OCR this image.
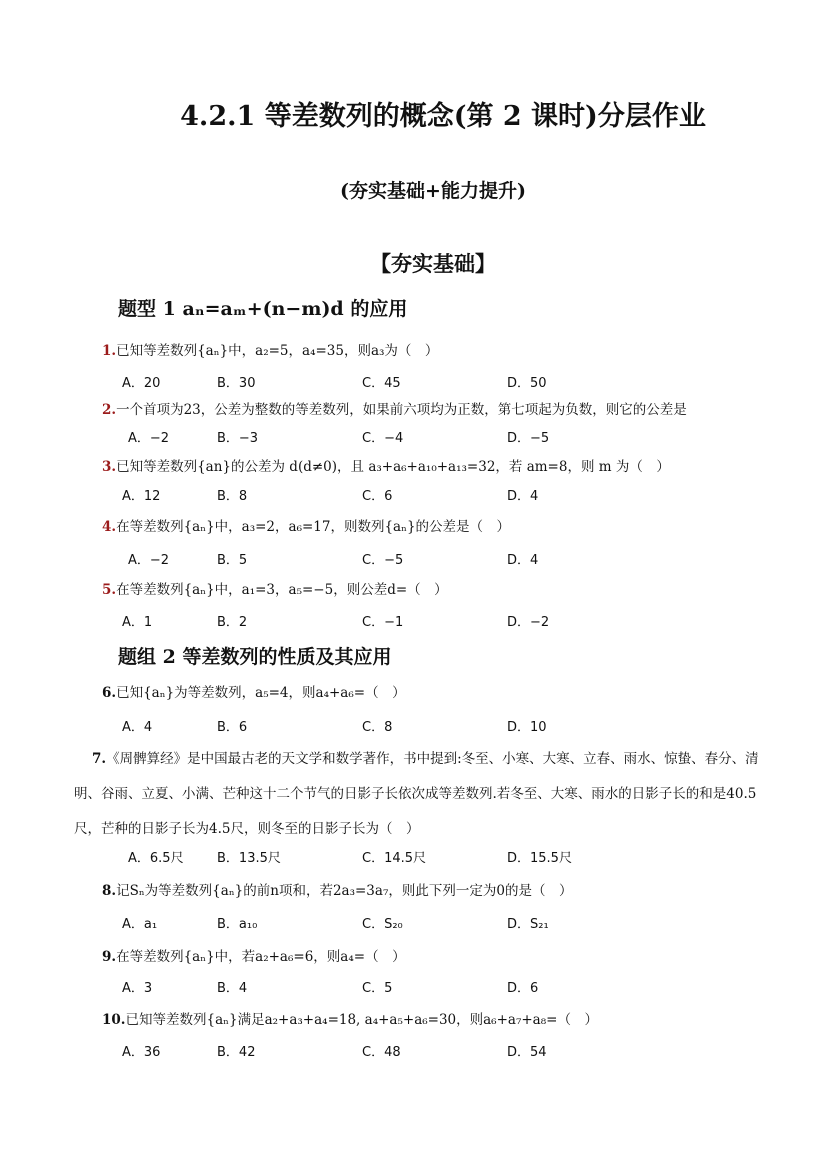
4.2.1 等差数列的概念(第 2 课时)分层作业
(夯实基础+能力提升)
【夯实基础】
题型 1 aₙ=aₘ+(n−m)d 的应用
1.已知等差数列{aₙ}中，a₂=5，a₄=35，则a₃为（　）
A．20	B．30	C．45	D．50
2.一个首项为23，公差为整数的等差数列，如果前六项均为正数，第七项起为负数，则它的公差是
A．−2	B．−3	C．−4	D．−5
3.已知等差数列{an}的公差为 d(d≠0)，且 a₃+a₆+a₁₀+a₁₃=32，若 am=8，则 m 为（　）
A．12	B．8	C．6	D．4
4.在等差数列{aₙ}中，a₃=2，a₆=17，则数列{aₙ}的公差是（　）
A．−2	B．5	C．−5	D．4
5.在等差数列{aₙ}中，a₁=3，a₅=−5，则公差d=（　）
A．1	B．2	C．−1	D．−2
题组 2 等差数列的性质及其应用
6.已知{aₙ}为等差数列，a₅=4，则a₄+a₆=（　）
A．4	B．6	C．8	D．10
7.《周髀算经》是中国最古老的天文学和数学著作，书中提到:冬至、小寒、大寒、立春、雨水、惊蛰、春分、清
明、谷雨、立夏、小满、芒种这十二个节气的日影子长依次成等差数列.若冬至、大寒、雨水的日影子长的和是40.5
尺，芒种的日影子长为4.5尺，则冬至的日影子长为（　）
A．6.5尺	B．13.5尺	C．14.5尺	D．15.5尺
8.记Sₙ为等差数列{aₙ}的前n项和，若2a₃=3a₇，则此下列一定为0的是（　）
A．a₁	B．a₁₀	C．S₂₀	D．S₂₁
9.在等差数列{aₙ}中，若a₂+a₆=6，则a₄=（　）
A．3	B．4	C．5	D．6
10.已知等差数列{aₙ}满足a₂+a₃+a₄=18, a₄+a₅+a₆=30，则a₆+a₇+a₈=（　）
A．36	B．42	C．48	D．54
